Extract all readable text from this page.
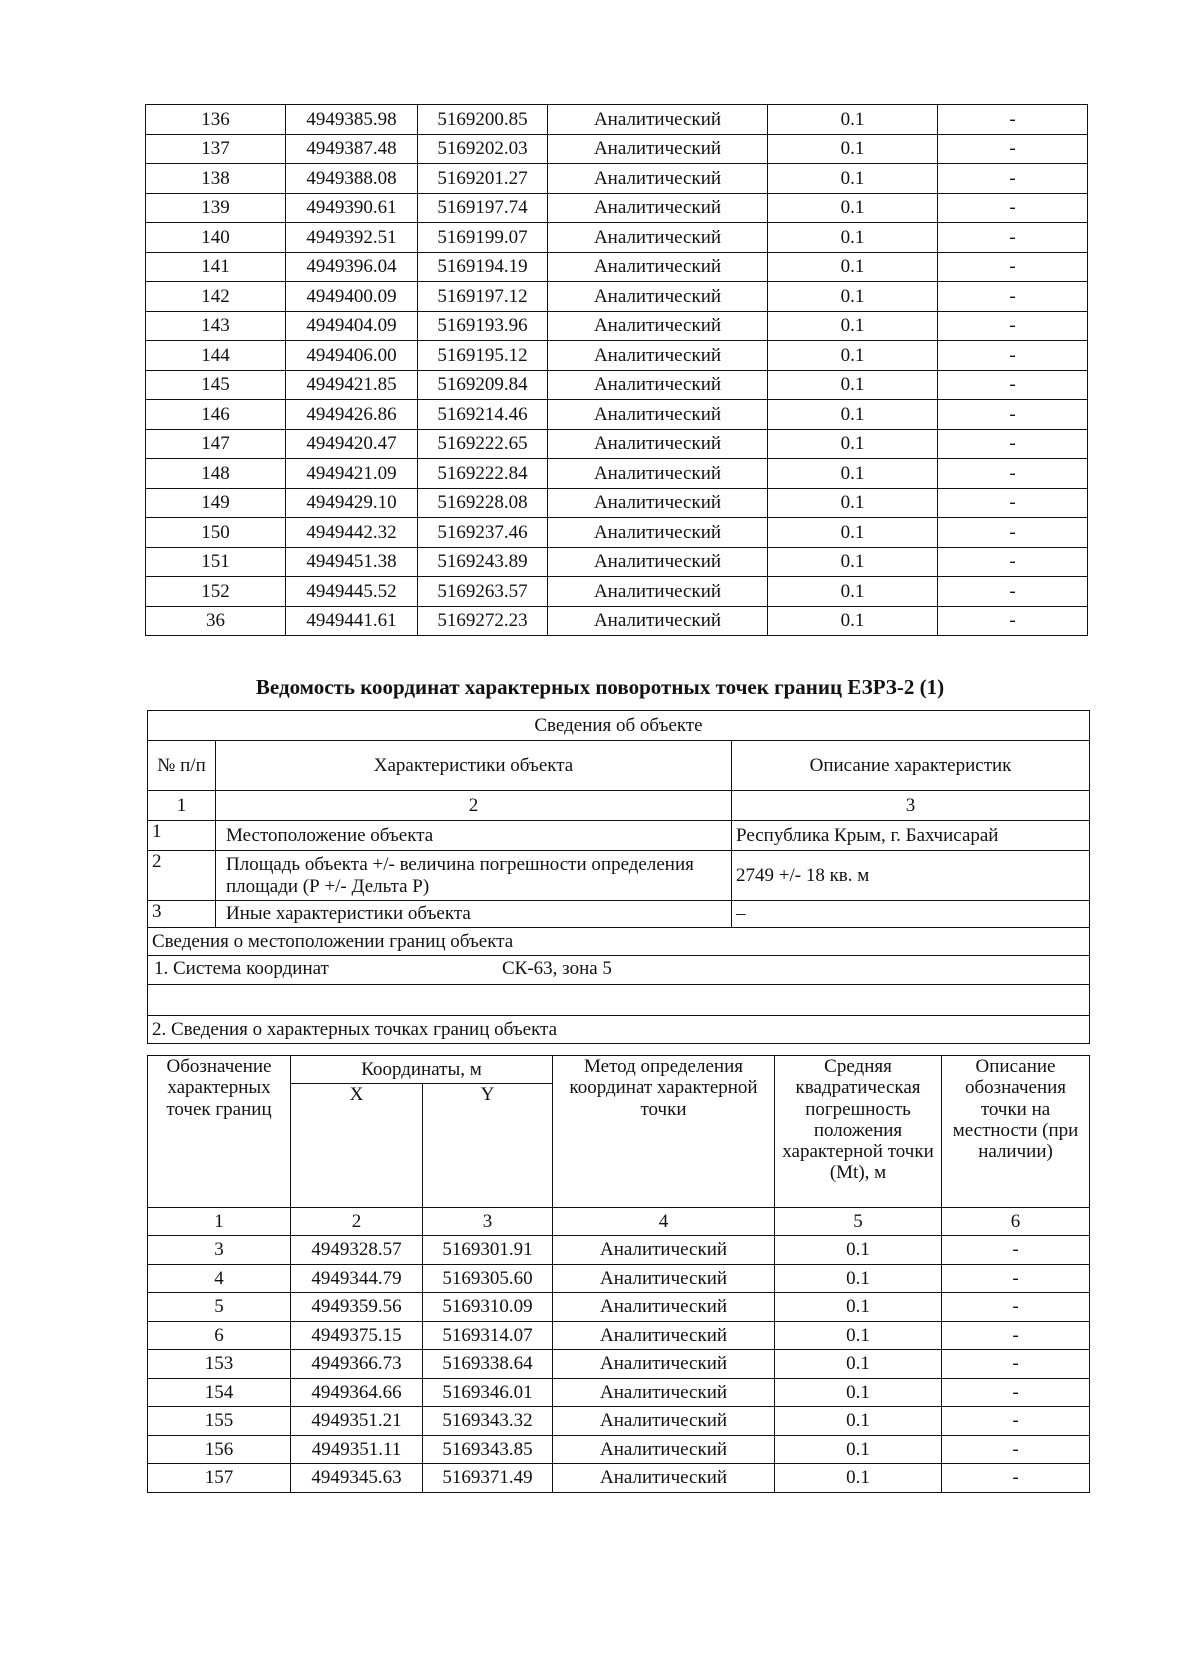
136	4949385.98	5169200.85	Аналитический	0.1	-
137	4949387.48	5169202.03	Аналитический	0.1	-
138	4949388.08	5169201.27	Аналитический	0.1	-
139	4949390.61	5169197.74	Аналитический	0.1	-
140	4949392.51	5169199.07	Аналитический	0.1	-
141	4949396.04	5169194.19	Аналитический	0.1	-
142	4949400.09	5169197.12	Аналитический	0.1	-
143	4949404.09	5169193.96	Аналитический	0.1	-
144	4949406.00	5169195.12	Аналитический	0.1	-
145	4949421.85	5169209.84	Аналитический	0.1	-
146	4949426.86	5169214.46	Аналитический	0.1	-
147	4949420.47	5169222.65	Аналитический	0.1	-
148	4949421.09	5169222.84	Аналитический	0.1	-
149	4949429.10	5169228.08	Аналитический	0.1	-
150	4949442.32	5169237.46	Аналитический	0.1	-
151	4949451.38	5169243.89	Аналитический	0.1	-
152	4949445.52	5169263.57	Аналитический	0.1	-
36	4949441.61	5169272.23	Аналитический	0.1	-
Ведомость координат характерных поворотных точек границ ЕЗРЗ-2 (1)
Сведения об объекте		
№ п/п	Характеристики объекта	Описание характеристик
1	2	3
1	Местоположение объекта	Республика Крым, г. Бахчисарай
2	Площадь объекта +/- величина погрешности определения площади (Р +/- Дельта Р)	2749 +/- 18 кв. м
3	Иные характеристики объекта	–
Сведения о местоположении границ объекта		

1. Система координат СК-63, зона 5		

2. Сведения о характерных точках границ объекта		
Обозначение характерных точек границ	Координаты, м		Метод определения координат характерной точки	Средняя квадратическая погрешность положения характерной точки (Mt), м	Описание обозначения точки на местности (при наличии)
	X	Y			
1	2	3	4	5	6
3	4949328.57	5169301.91	Аналитический	0.1	-
4	4949344.79	5169305.60	Аналитический	0.1	-
5	4949359.56	5169310.09	Аналитический	0.1	-
6	4949375.15	5169314.07	Аналитический	0.1	-
153	4949366.73	5169338.64	Аналитический	0.1	-
154	4949364.66	5169346.01	Аналитический	0.1	-
155	4949351.21	5169343.32	Аналитический	0.1	-
156	4949351.11	5169343.85	Аналитический	0.1	-
157	4949345.63	5169371.49	Аналитический	0.1	-
